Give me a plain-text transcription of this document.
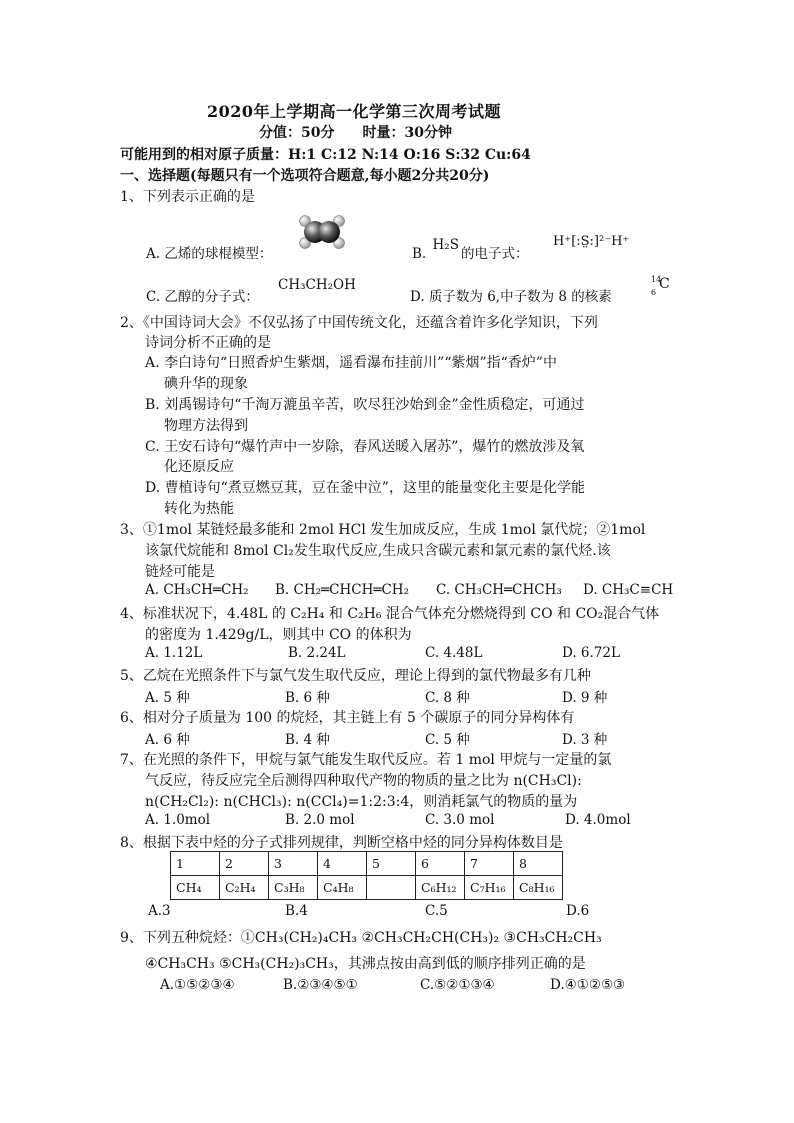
2020年上学期高一化学第三次周考试题
分值：50分　　时量：30分钟
可能用到的相对原子质量：H:1 C:12 N:14 O:16 S:32 Cu:64
一、选择题(每题只有一个选项符合题意,每小题2分共20分)
1、下列表示正确的是
A. 乙烯的球棍模型：	B. H₂S的电子式：
H⁺[:S̤:]²⁻H⁺
C. 乙醇的分子式：
CH₃CH₂OH
D. 质子数为 6,中子数为 8 的核素
14
6
C
2、《中国诗词大会》不仅弘扬了中国传统文化，还蕴含着许多化学知识，下列
诗词分析不正确的是
A. 李白诗句“日照香炉生紫烟，遥看瀑布挂前川”“紫烟”指“香炉”中
碘升华的现象
B. 刘禹锡诗句“千淘万漉虽辛苦，吹尽狂沙始到金”金性质稳定，可通过
物理方法得到
C. 王安石诗句“爆竹声中一岁除，春风送暖入屠苏”，爆竹的燃放涉及氧
化还原反应
D. 曹植诗句“煮豆燃豆萁，豆在釜中泣”，这里的能量变化主要是化学能
转化为热能
3、①1mol 某链烃最多能和 2mol HCl 发生加成反应，生成 1mol 氯代烷；②1mol
该氯代烷能和 8mol Cl₂发生取代反应,生成只含碳元素和氯元素的氯代烃.该
链烃可能是
A. CH₃CH═CH₂ B. CH₂═CHCH═CH₂ C. CH₃CH═CHCH₃ D. CH₃C≡CH
4、标准状况下，4.48L 的 C₂H₄ 和 C₂H₆ 混合气体充分燃烧得到 CO 和 CO₂混合气体
的密度为 1.429g/L，则其中 CO 的体积为
A. 1.12L	B. 2.24L	C. 4.48L	D. 6.72L
5、乙烷在光照条件下与氯气发生取代反应，理论上得到的氯代物最多有几种
A. 5 种	B. 6 种	C. 8 种	D. 9 种
6、相对分子质量为 100 的烷烃，其主链上有 5 个碳原子的同分异构体有
A. 6 种	B. 4 种	C. 5 种	D. 3 种
7、在光照的条件下，甲烷与氯气能发生取代反应。若 1 mol 甲烷与一定量的氯
气反应，待反应完全后测得四种取代产物的物质的量之比为 n(CH₃Cl):
n(CH₂Cl₂): n(CHCl₃): n(CCl₄)=1:2:3:4，则消耗氯气的物质的量为
A. 1.0mol	B. 2.0 mol	C. 3.0 mol	D. 4.0mol
8、根据下表中烃的分子式排列规律，判断空格中烃的同分异构体数目是
1	2	3	4	5	6	7	8
CH₄	C₂H₄	C₃H₈	C₄H₈		C₆H₁₂	C₇H₁₆	C₈H₁₆
A.3	B.4	C.5	D.6
9、下列五种烷烃：①CH₃(CH₂)₄CH₃ ②CH₃CH₂CH(CH₃)₂ ③CH₃CH₂CH₃
④CH₃CH₃ ⑤CH₃(CH₂)₃CH₃，其沸点按由高到低的顺序排列正确的是
A.①⑤②③④	B.②③④⑤①	C.⑤②①③④	D.④①②⑤③
